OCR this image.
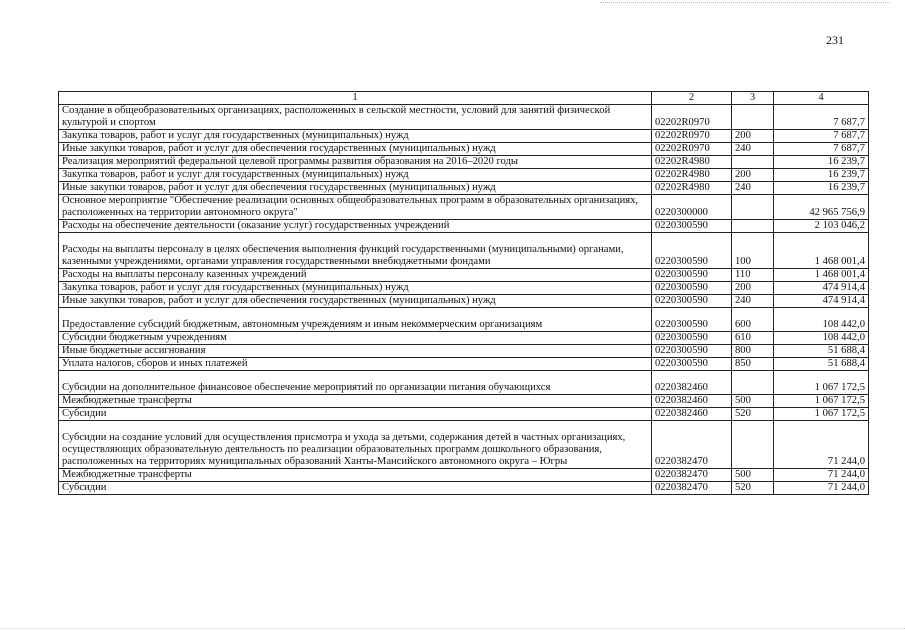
231
1	2	3	4
Создание в общеобразовательных организациях, расположенных в сельской местности, условий для занятий физической культурой и спортом	02202R0970		7 687,7
Закупка товаров, работ и услуг для государственных (муниципальных) нужд	02202R0970	200	7 687,7
Иные закупки товаров, работ и услуг для обеспечения государственных (муниципальных) нужд	02202R0970	240	7 687,7
Реализация мероприятий федеральной целевой программы развития образования на 2016–2020 годы	02202R4980		16 239,7
Закупка товаров, работ и услуг для государственных (муниципальных) нужд	02202R4980	200	16 239,7
Иные закупки товаров, работ и услуг для обеспечения государственных (муниципальных) нужд	02202R4980	240	16 239,7
Основное мероприятие "Обеспечение реализации основных общеобразовательных программ в образовательных организациях, расположенных на территории автономного округа"	0220300000		42 965 756,9
Расходы на обеспечение деятельности (оказание услуг) государственных учреждений	0220300590		2 103 046,2
Расходы на выплаты персоналу в целях обеспечения выполнения функций государственными (муниципальными) органами, казенными учреждениями, органами управления государственными внебюджетными фондами	0220300590	100	1 468 001,4
Расходы на выплаты персоналу казенных учреждений	0220300590	110	1 468 001,4
Закупка товаров, работ и услуг для государственных (муниципальных) нужд	0220300590	200	474 914,4
Иные закупки товаров, работ и услуг для обеспечения государственных (муниципальных) нужд	0220300590	240	474 914,4
Предоставление субсидий бюджетным, автономным учреждениям и иным некоммерческим организациям	0220300590	600	108 442,0
Субсидии бюджетным учреждениям	0220300590	610	108 442,0
Иные бюджетные ассигнования	0220300590	800	51 688,4
Уплата налогов, сборов и иных платежей	0220300590	850	51 688,4
Субсидии на дополнительное финансовое обеспечение мероприятий по организации питания обучающихся	0220382460		1 067 172,5
Межбюджетные трансферты	0220382460	500	1 067 172,5
Субсидии	0220382460	520	1 067 172,5
Субсидии на создание условий для осуществления присмотра и ухода за детьми, содержания детей в частных организациях, осуществляющих образовательную деятельность по реализации образовательных программ дошкольного образования, расположенных на территориях муниципальных образований Ханты-Мансийского автономного округа – Югры	0220382470		71 244,0
Межбюджетные трансферты	0220382470	500	71 244,0
Субсидии	0220382470	520	71 244,0
